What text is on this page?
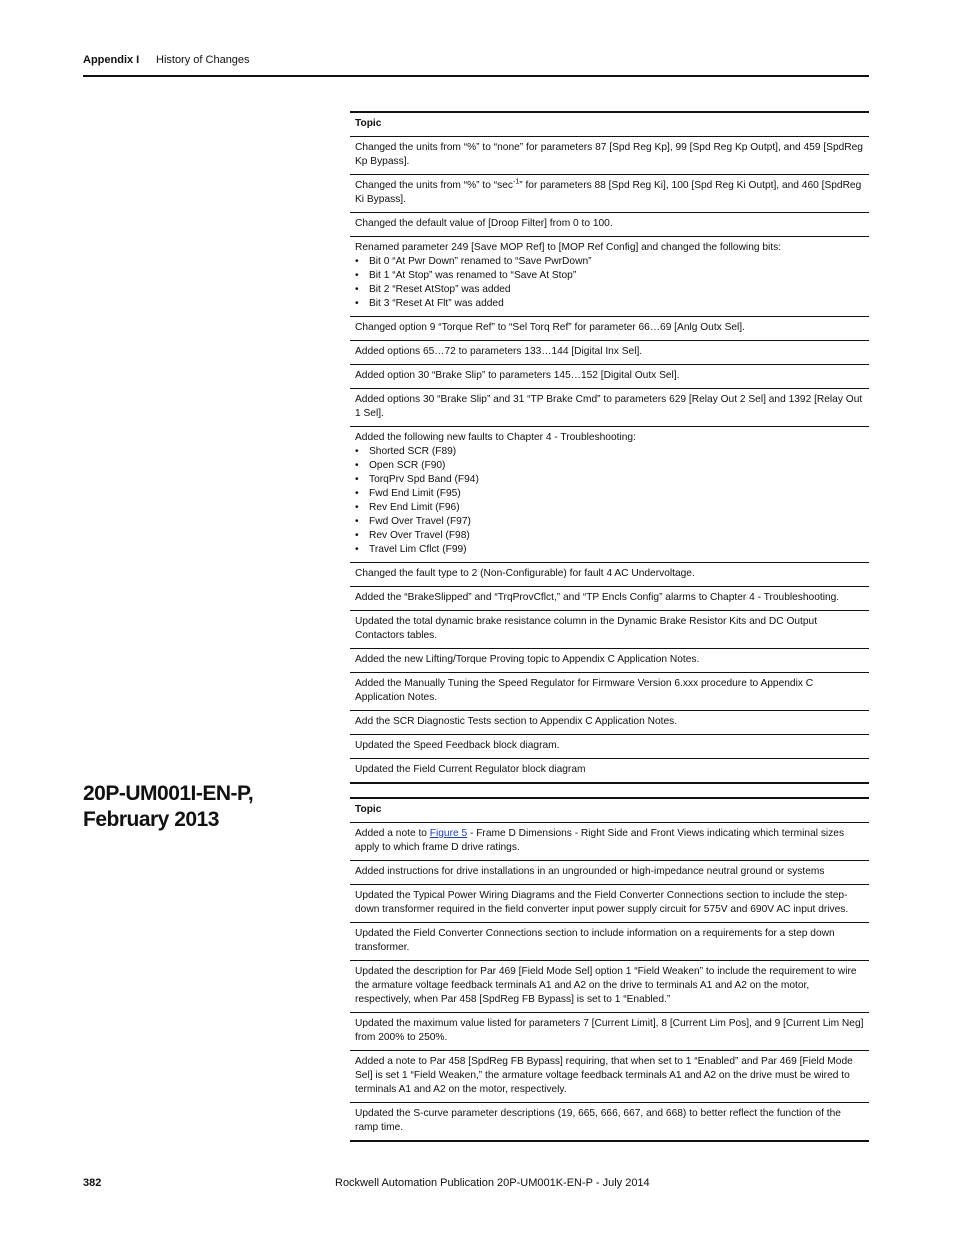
Appendix I History of Changes
Topic
Changed the units from “%” to “none” for parameters 87 [Spd Reg Kp], 99 [Spd Reg Kp Outpt], and 459 [SpdReg Kp Bypass].
Changed the units from “%” to “$\sec^{-1}$” for parameters 88 [Spd Reg Ki], 100 [Spd Reg Ki Outpt], and 460 [SpdReg Ki Bypass].
Changed the default value of [Droop Filter] from 0 to 100.
Renamed parameter 249 [Save MOP Ref] to [MOP Ref Config] and changed the following bits:
• Bit 0 “At Pwr Down” renamed to “Save PwrDown”
• Bit 1 “At Stop” was renamed to “Save At Stop”
• Bit 2 “Reset AtStop” was added
• Bit 3 “Reset At Flt” was added

Changed option 9 “Torque Ref” to “Sel Torq Ref” for parameter 66…69 [Anlg Outx Sel].
Added options 65…72 to parameters 133…144 [Digital Inx Sel].
Added option 30 “Brake Slip” to parameters 145…152 [Digital Outx Sel].
Added options 30 “Brake Slip” and 31 “TP Brake Cmd” to parameters 629 [Relay Out 2 Sel] and 1392 [Relay Out 1 Sel].
Added the following new faults to Chapter 4 - Troubleshooting:
• Shorted SCR (F89)
• Open SCR (F90)
• TorqPrv Spd Band (F94)
• Fwd End Limit (F95)
• Rev End Limit (F96)
• Fwd Over Travel (F97)
• Rev Over Travel (F98)
• Travel Lim Cflct (F99)

Changed the fault type to 2 (Non-Configurable) for fault 4 AC Undervoltage.
Added the “BrakeSlipped” and “TrqProvCflct,” and “TP Encls Config” alarms to Chapter 4 - Troubleshooting.
Updated the total dynamic brake resistance column in the Dynamic Brake Resistor Kits and DC Output Contactors tables.
Added the new Lifting/Torque Proving topic to Appendix C Application Notes.
Added the Manually Tuning the Speed Regulator for Firmware Version 6.xxx procedure to Appendix C Application Notes.
Add the SCR Diagnostic Tests section to Appendix C Application Notes.
Updated the Speed Feedback block diagram.
Updated the Field Current Regulator block diagram
20P-UM001I-EN-P,
February 2013	Topic
Added a note to Figure 5 - Frame D Dimensions - Right Side and Front Views indicating which terminal sizes apply to which frame D drive ratings.
Added instructions for drive installations in an ungrounded or high-impedance neutral ground or systems
Updated the Typical Power Wiring Diagrams and the Field Converter Connections section to include the step-down transformer required in the field converter input power supply circuit for 575V and 690V AC input drives.
Updated the Field Converter Connections section to include information on a requirements for a step down transformer.
Updated the description for Par 469 [Field Mode Sel] option 1 “Field Weaken” to include the requirement to wire the armature voltage feedback terminals A1 and A2 on the drive to terminals A1 and A2 on the motor, respectively, when Par 458 [SpdReg FB Bypass] is set to 1 “Enabled.”
Updated the maximum value listed for parameters 7 [Current Limit], 8 [Current Lim Pos], and 9 [Current Lim Neg] from 200% to 250%.
Added a note to Par 458 [SpdReg FB Bypass] requiring, that when set to 1 “Enabled” and Par 469 [Field Mode Sel] is set 1 “Field Weaken,” the armature voltage feedback terminals A1 and A2 on the drive must be wired to terminals A1 and A2 on the motor, respectively.
Updated the S-curve parameter descriptions (19, 665, 666, 667, and 668) to better reflect the function of the ramp time.
382	Rockwell Automation Publication 20P-UM001K-EN-P - July 2014
